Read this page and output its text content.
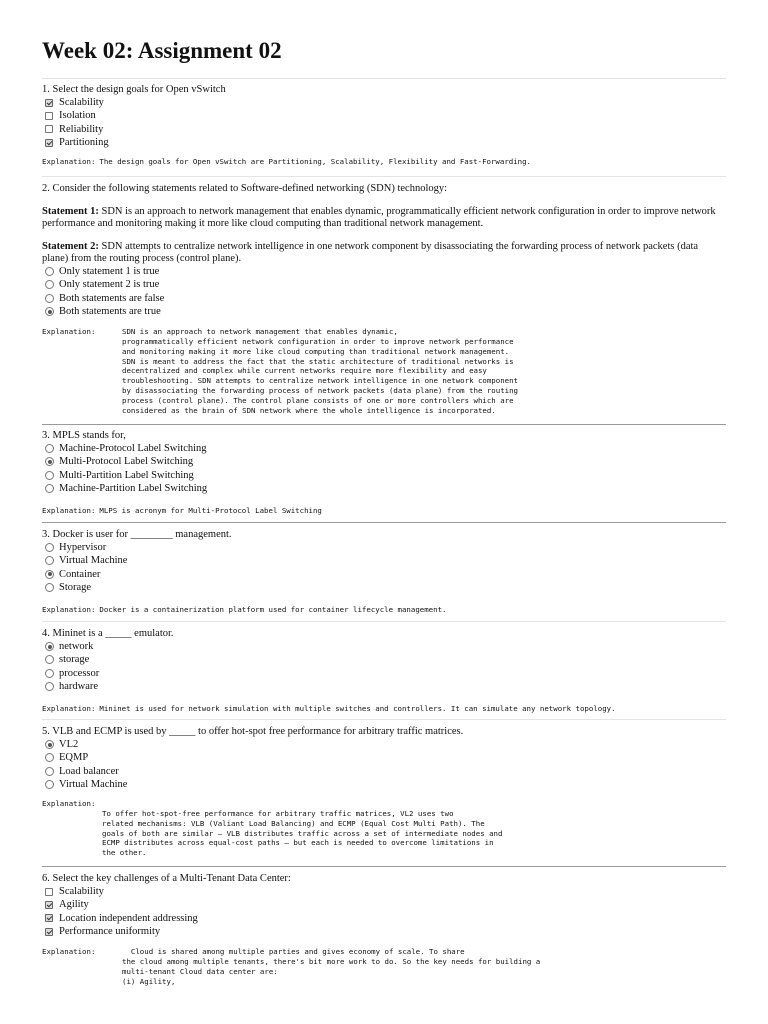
Week 02: Assignment 02

1. Select the design goals for Open vSwitch

Scalability
Isolation
Reliability
Partitioning
Explanation: The design goals for Open vSwitch are Partitioning, Scalability, Flexibility and Fast-Forwarding.

2. Consider the following statements related to Software-defined networking (SDN) technology:

Statement 1: SDN is an approach to network management that enables dynamic, programmatically efficient network configuration in order to improve network performance and monitoring making it more like cloud computing than traditional network management.

Statement 2: SDN attempts to centralize network intelligence in one network component by disassociating the forwarding process of network packets (data plane) from the routing process (control plane).

Only statement 1 is true
Only statement 2 is true
Both statements are false
Both statements are true
Explanation:	SDN is an approach to network management that enables dynamic,
programmatically efficient network configuration in order to improve network performance
and monitoring making it more like cloud computing than traditional network management.
SDN is meant to address the fact that the static architecture of traditional networks is
decentralized and complex while current networks require more flexibility and easy
troubleshooting. SDN attempts to centralize network intelligence in one network component
by disassociating the forwarding process of network packets (data plane) from the routing
process (control plane). The control plane consists of one or more controllers which are
considered as the brain of SDN network where the whole intelligence is incorporated.

3. MPLS stands for,

Machine-Protocol Label Switching
Multi-Protocol Label Switching
Multi-Partition Label Switching
Machine-Partition Label Switching
Explanation: MLPS is acronym for Multi-Protocol Label Switching

3. Docker is user for ________ management.

Hypervisor
Virtual Machine
Container
Storage
Explanation: Docker is a containerization platform used for container lifecycle management.

4. Mininet is a _____ emulator.

network
storage
processor
hardware
Explanation: Mininet is used for network simulation with multiple switches and controllers. It can simulate any network topology.

5. VLB and ECMP is used by _____ to offer hot-spot free performance for arbitrary traffic matrices.

VL2
EQMP
Load balancer
Virtual Machine
Explanation:
To offer hot-spot-free performance for arbitrary traffic matrices, VL2 uses two
related mechanisms: VLB (Valiant Load Balancing) and ECMP (Equal Cost Multi Path). The
goals of both are similar — VLB distributes traffic across a set of intermediate nodes and
ECMP distributes across equal-cost paths — but each is needed to overcome limitations in
the other.

6. Select the key challenges of a Multi-Tenant Data Center:

Scalability
Agility
Location independent addressing
Performance uniformity
Explanation:	Cloud is shared among multiple parties and gives economy of scale. To share
the cloud among multiple tenants, there's bit more work to do. So the key needs for building a
multi-tenant Cloud data center are:
(i) Agility,
